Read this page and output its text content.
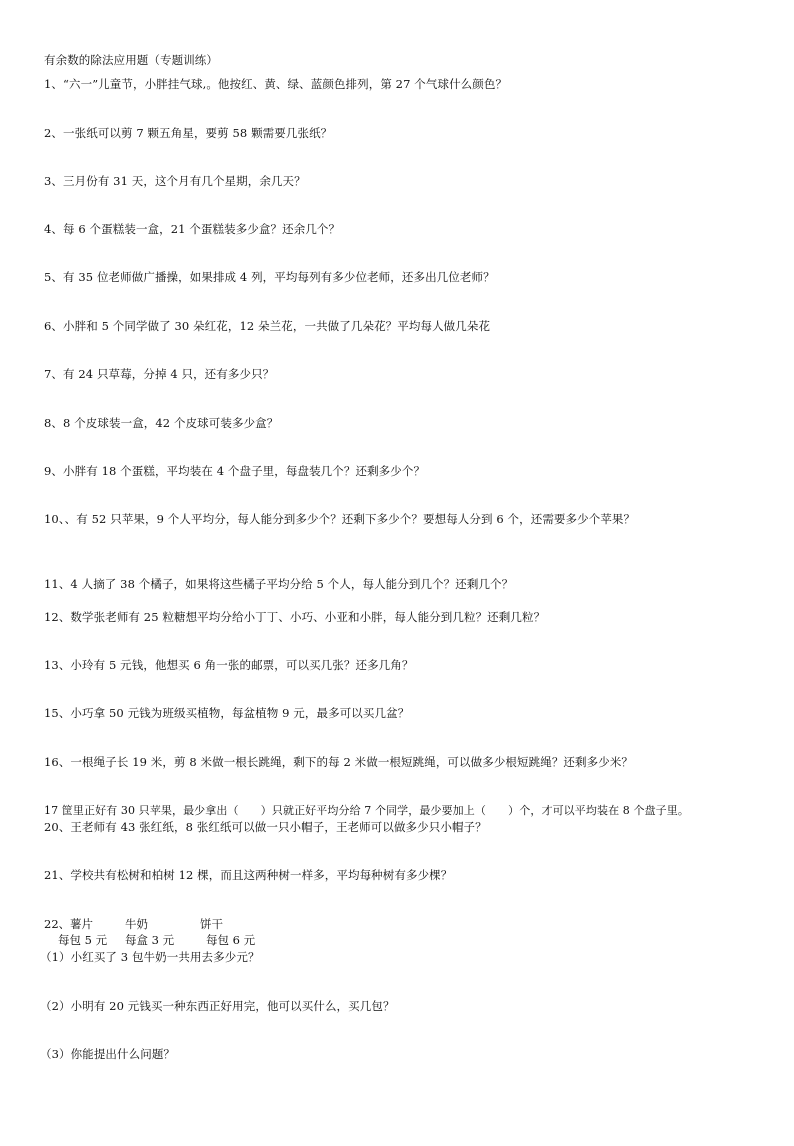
有余数的除法应用题（专题训练）
1、“六一”儿童节，小胖挂气球,。他按红、黄、绿、蓝颜色排列，第 27 个气球什么颜色？
2、一张纸可以剪 7 颗五角星，要剪 58 颗需要几张纸？
3、三月份有 31 天，这个月有几个星期，余几天？
4、每 6 个蛋糕装一盒，21 个蛋糕装多少盒？还余几个？
5、有 35 位老师做广播操，如果排成 4 列，平均每列有多少位老师，还多出几位老师？
6、小胖和 5 个同学做了 30 朵红花，12 朵兰花，一共做了几朵花？平均每人做几朵花
7、有 24 只草莓，分掉 4 只，还有多少只？
8、8 个皮球装一盒，42 个皮球可装多少盒？
9、小胖有 18 个蛋糕，平均装在 4 个盘子里，每盘装几个？还剩多少个？
10、、有 52 只苹果，9 个人平均分，每人能分到多少个？还剩下多少个？要想每人分到 6 个，还需要多少个苹果？
11、4 人摘了 38 个橘子，如果将这些橘子平均分给 5 个人，每人能分到几个？还剩几个？
12、数学张老师有 25 粒糖想平均分给小丁丁、小巧、小亚和小胖，每人能分到几粒？还剩几粒？
13、小玲有 5 元钱，他想买 6 角一张的邮票，可以买几张？还多几角？
15、小巧拿 50 元钱为班级买植物，每盆植物 9 元，最多可以买几盆？
16、一根绳子长 19 米，剪 8 米做一根长跳绳，剩下的每 2 米做一根短跳绳，可以做多少根短跳绳？还剩多少米？
17 筐里正好有 30 只苹果，最少拿出（　　）只就正好平均分给 7 个同学，最少要加上（　　）个，才可以平均装在 8 个盘子里。
20、王老师有 43 张红纸，8 张红纸可以做一只小帽子，王老师可以做多少只小帽子？
21、学校共有松树和柏树 12 棵，而且这两种树一样多，平均每种树有多少棵？
22、 薯片	牛奶	饼干
每包 5 元 每盒 3 元	每包 6 元
（1）小红买了 3 包牛奶一共用去多少元？
（2）小明有 20 元钱买一种东西正好用完，他可以买什么，买几包？
（3）你能提出什么问题？
